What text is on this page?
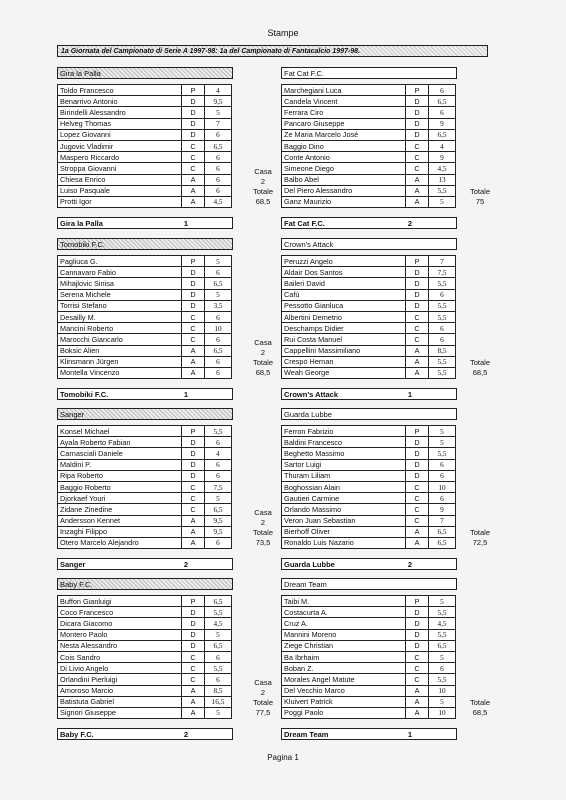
Stampe
1a Giornata del Campionato di Serie A 1997-98: 1a del Campionato di Fantacalcio 1997-98.
Gira la Palla
Toldo Francesco	P	4
Benarrivo Antonio	D	9,5
Birindelli Alessandro	D	5
Helveg Thomas	D	7
Lopez Giovanni	D	6
Jugovic Vladimir	C	6,5
Maspero Riccardo	C	6
Stroppa Giovanni	C	6
Chiesa Enrico	A	6
Luiso Pasquale	A	6
Protti Igor	A	4,5
Casa
2
Totale
68,5
Gira la Palla	1
Fat Cat F.C.
Marchegiani Luca	P	6
Candela Vincent	D	6,5
Ferrara Ciro	D	6
Pancaro Giuseppe	D	9
Ze Maria Marcelo José	D	6,5
Baggio Dino	C	4
Conte Antonio	C	9
Simeone Diego	C	4,5
Balbo Abel	A	13
Del Piero Alessandro	A	5,5
Ganz Maurizio	A	5
Totale
75
Fat Cat F.C.	2
Tomobiki F.C.
Pagliuca G.	P	5
Cannavaro Fabio	D	6
Mihajlovic Sinisa	D	6,5
Serena Michele	D	5
Torrisi Stefano	D	3,5
Desailly M.	C	6
Mancini Roberto	C	10
Marocchi Giancarlo	C	6
Boksic Alien	A	6,5
Klinsmann Jürgen	A	6
Montella Vincenzo	A	6
Casa
2
Totale
68,5
Tomobiki F.C.	1
Crown's Attack
Peruzzi Angelo	P	7
Aldair Dos Santos	D	7,5
Baileri David	D	5,5
Cafù	D	6
Pessotto Gianluca	D	5,5
Albertini Demetrio	C	5,5
Deschamps Didier	C	6
Rui Costa Manuel	C	6
Cappellini Massimiliano	A	8,5
Crespo Hernan	A	5,5
Weah George	A	5,5
Totale
68,5
Crown's Attack	1
Sanger
Konsel Michael	P	5,5
Ayala Roberto Fabian	D	6
Carnasciali Daniele	D	4
Maldini P.	D	6
Ripa Roberto	D	6
Baggio Roberto	C	7,5
Djorkaef Youri	C	5
Zidane Zinedine	C	6,5
Andersson Kennet	A	9,5
Inzaghi Filippo	A	9,5
Otero Marcelo Alejandro	A	6
Casa
2
Totale
73,5
Sanger	2
Guarda Lubbe
Ferron Fabrizio	P	5
Baldini Francesco	D	5
Beghetto Massimo	D	5,5
Sartor Luigi	D	6
Thuram Liliam	D	6
Boghossian Alain	C	10
Gautieri Carmine	C	6
Orlando Massimo	C	9
Veron Juan Sebastian	C	7
Bierhoff Oliver	A	6,5
Ronaldo Luis Nazario	A	6,5
Totale
72,5
Guarda Lubbe	2
Baby F.C.
Buffon Gianluigi	P	6,5
Coco Francesco	D	5,5
Dicara Giacomo	D	4,5
Montero Paolo	D	5
Nesta Alessandro	D	6,5
Cois Sandro	C	6
Di Livio Angelo	C	5,5
Orlandini Pierluigi	C	6
Amoroso Marcio	A	8,5
Batistuta Gabriel	A	16,5
Signori Giuseppe	A	5
Casa
2
Totale
77,5
Baby F.C.	2
Dream Team
Taibi M.	P	5
Costacurta A.	D	5,5
Cruz A.	D	4,5
Mannini Moreno	D	5,5
Ziege Christian	D	6,5
Ba Ibrhaim	C	5
Boban Z.	C	6
Morales Angel Matute	C	5,5
Del Vecchio Marco	A	10
Kluivert Patrick	A	5
Poggi Paolo	A	10
Totale
68,5
Dream Team	1
Pagina 1
